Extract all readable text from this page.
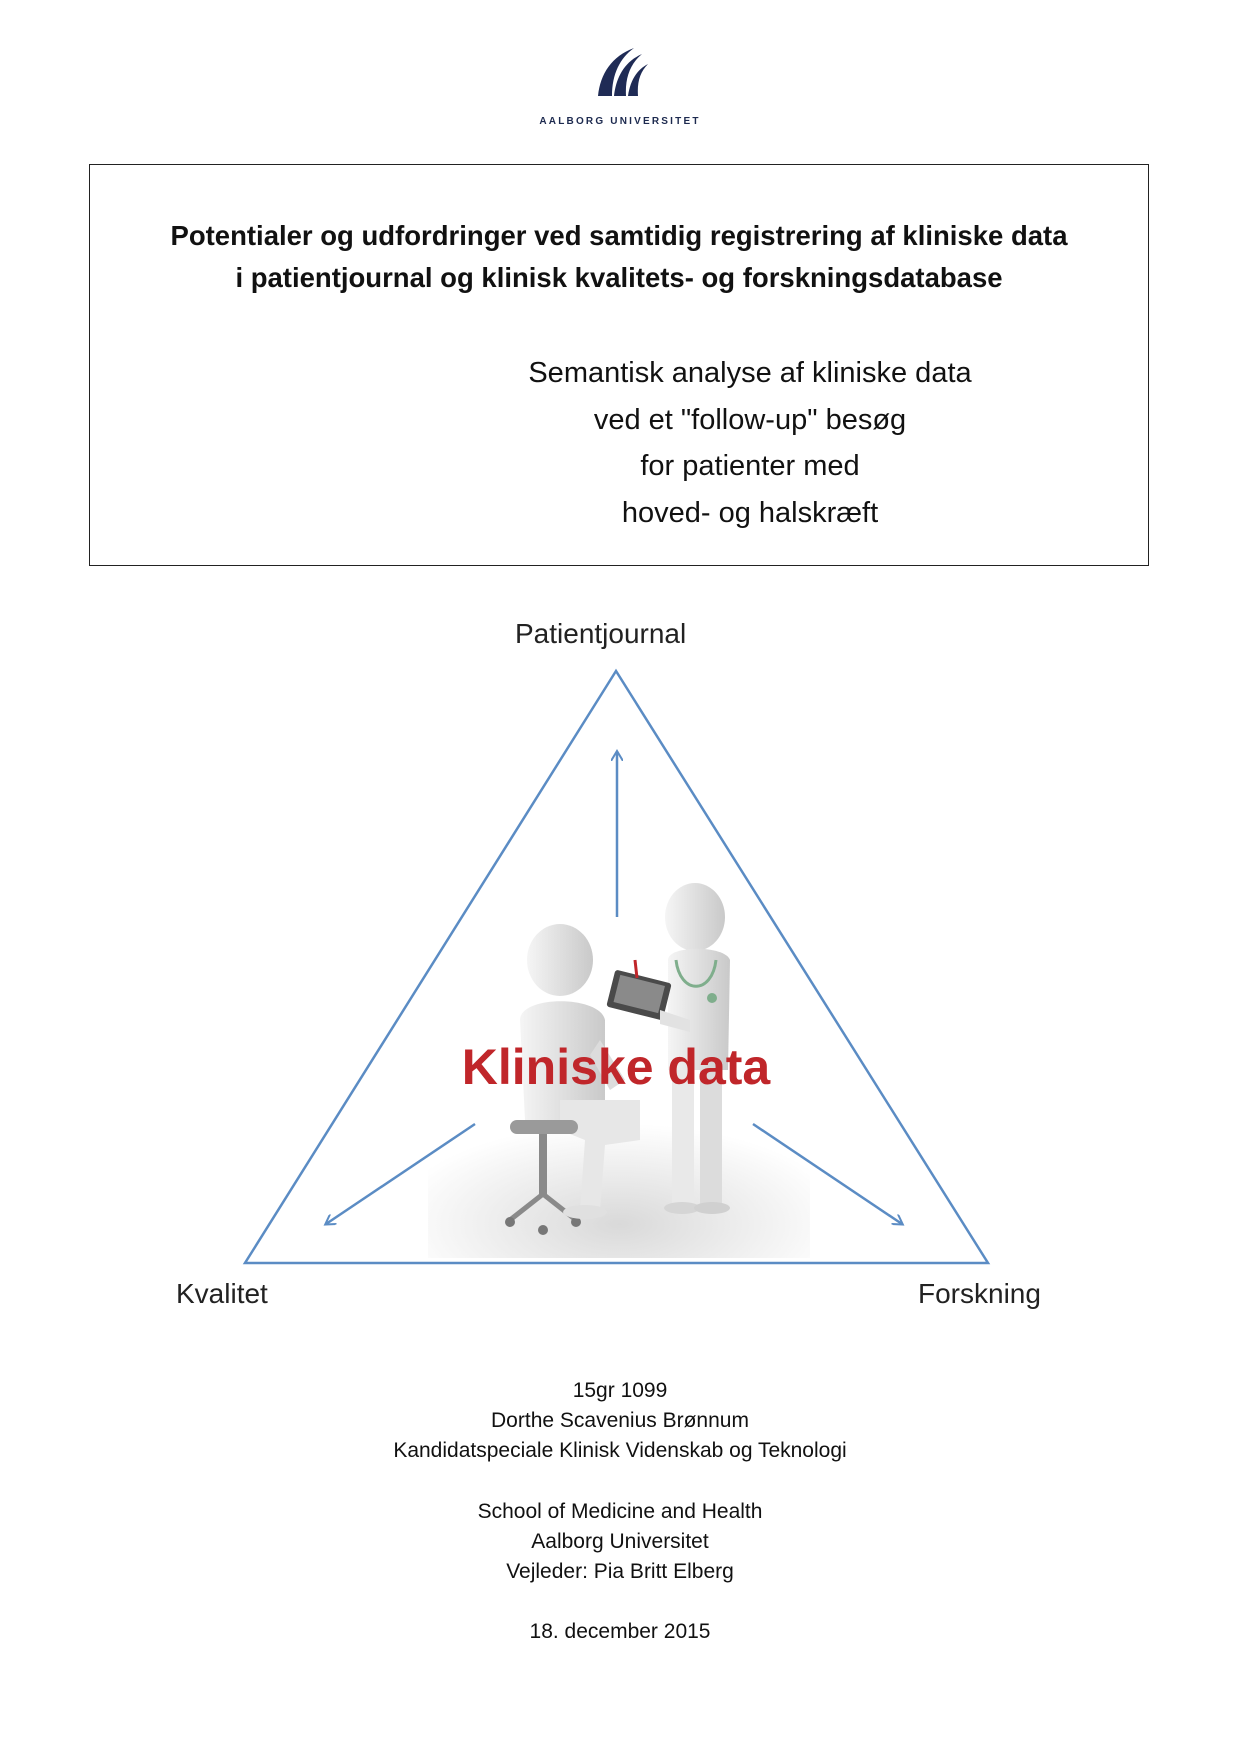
AALBORG UNIVERSITET
Potentialer og udfordringer ved samtidig registrering af kliniske data
i patientjournal og klinisk kvalitets- og forskningsdatabase
Semantisk analyse af kliniske data
ved et "follow-up" besøg
for patienter med
hoved- og halskræft
Patientjournal
Kvalitet	Forskning
Kliniske data
15gr 1099
Dorthe Scavenius Brønnum
Kandidatspeciale Klinisk Videnskab og Teknologi
School of Medicine and Health
Aalborg Universitet
Vejleder: Pia Britt Elberg
18. december 2015
